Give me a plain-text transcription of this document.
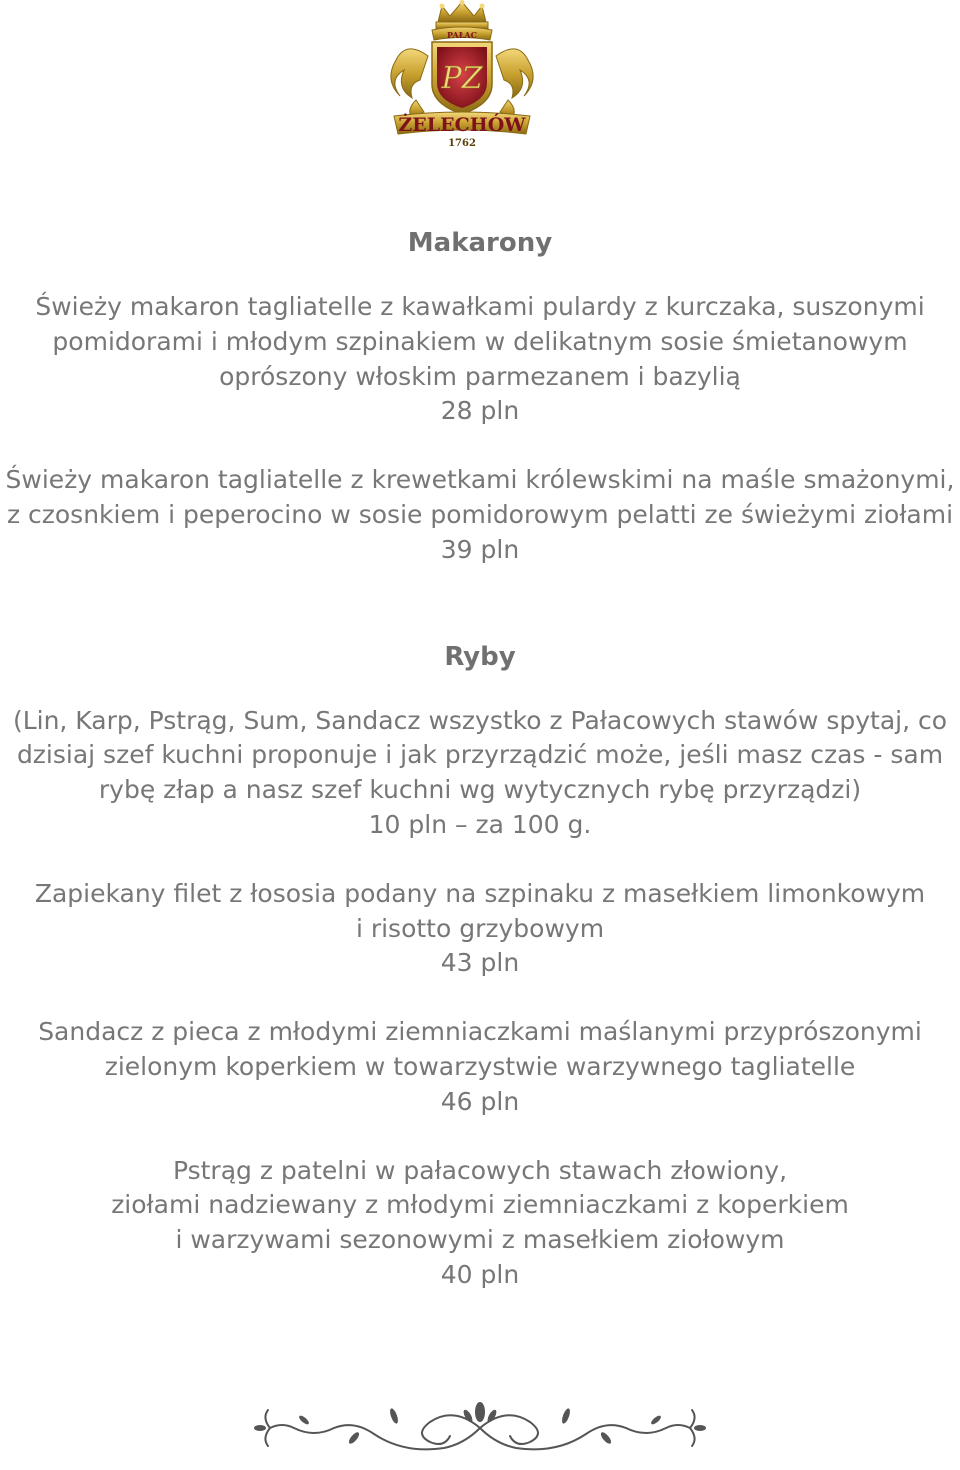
PAŁAC
PZ
ŻELECHÓW
1762
Makarony
Świeży makaron tagliatelle z kawałkami pulardy z kurczaka, suszonymi
pomidorami i młodym szpinakiem w delikatnym sosie śmietanowym
oprószony włoskim parmezanem i bazylią
28 pln
Świeży makaron tagliatelle z krewetkami królewskimi na maśle smażonymi,
z czosnkiem i peperocino w sosie pomidorowym pelatti ze świeżymi ziołami
39 pln
Ryby
(Lin, Karp, Pstrąg, Sum, Sandacz wszystko z Pałacowych stawów spytaj, co
dzisiaj szef kuchni proponuje i jak przyrządzić może, jeśli masz czas - sam
rybę złap a nasz szef kuchni wg wytycznych rybę przyrządzi)
10 pln – za 100 g.
Zapiekany filet z łososia podany na szpinaku z masełkiem limonkowym
i risotto grzybowym
43 pln
Sandacz z pieca z młodymi ziemniaczkami maślanymi przyprószonymi
zielonym koperkiem w towarzystwie warzywnego tagliatelle
46 pln
Pstrąg z patelni w pałacowych stawach złowiony,
ziołami nadziewany z młodymi ziemniaczkami z koperkiem
i warzywami sezonowymi z masełkiem ziołowym
40 pln
